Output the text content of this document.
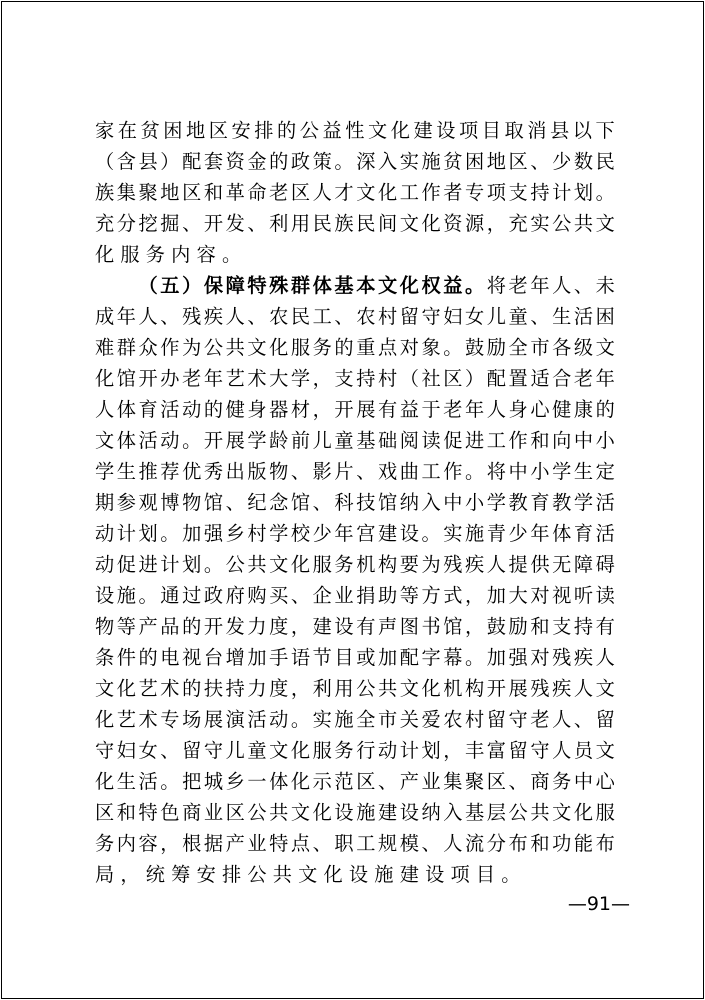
家 在 贫 困 地 区 安 排 的 公 益 性 文 化 建 设 项 目 取 消 县 以 下
（ 含 县 ） 配 套 资 金 的 政 策 。 深 入 实 施 贫 困 地 区 、 少 数 民
族 集 聚 地 区 和 革 命 老 区 人 才 文 化 工 作 者 专 项 支 持 计 划 。
充 分 挖 掘 、 开 发 、 利 用 民 族 民 间 文 化 资 源 ， 充 实 公 共 文
化 服 务 内 容 。

（ 五 ） 保 障 特 殊 群 体 基 本 文 化 权 益 。 将 老 年 人 、 未
成 年 人 、 残 疾 人 、 农 民 工 、 农 村 留 守 妇 女 儿 童 、 生 活 困
难 群 众 作 为 公 共 文 化 服 务 的 重 点 对 象 。 鼓 励 全 市 各 级 文
化 馆 开 办 老 年 艺 术 大 学 ， 支 持 村 （ 社 区 ） 配 置 适 合 老 年
人 体 育 活 动 的 健 身 器 材 ， 开 展 有 益 于 老 年 人 身 心 健 康 的
文 体 活 动 。 开 展 学 龄 前 儿 童 基 础 阅 读 促 进 工 作 和 向 中 小
学 生 推 荐 优 秀 出 版 物 、 影 片 、 戏 曲 工 作 。 将 中 小 学 生 定
期 参 观 博 物 馆 、 纪 念 馆 、 科 技 馆 纳 入 中 小 学 教 育 教 学 活
动 计 划 。 加 强 乡 村 学 校 少 年 宫 建 设 。 实 施 青 少 年 体 育 活
动 促 进 计 划 。 公 共 文 化 服 务 机 构 要 为 残 疾 人 提 供 无 障 碍
设 施 。 通 过 政 府 购 买 、 企 业 捐 助 等 方 式 ， 加 大 对 视 听 读
物 等 产 品 的 开 发 力 度 ， 建 设 有 声 图 书 馆 ， 鼓 励 和 支 持 有
条 件 的 电 视 台 增 加 手 语 节 目 或 加 配 字 幕 。 加 强 对 残 疾 人
文 化 艺 术 的 扶 持 力 度 ， 利 用 公 共 文 化 机 构 开 展 残 疾 人 文
化 艺 术 专 场 展 演 活 动 。 实 施 全 市 关 爱 农 村 留 守 老 人 、 留
守 妇 女 、 留 守 儿 童 文 化 服 务 行 动 计 划 ， 丰 富 留 守 人 员 文
化 生 活 。 把 城 乡 一 体 化 示 范 区 、 产 业 集 聚 区 、 商 务 中 心
区 和 特 色 商 业 区 公 共 文 化 设 施 建 设 纳 入 基 层 公 共 文 化 服
务 内 容 ， 根 据 产 业 特 点 、 职 工 规 模 、 人 流 分 布 和 功 能 布
局 ， 统 筹 安 排 公 共 文 化 设 施 建 设 项 目 。
—91—
